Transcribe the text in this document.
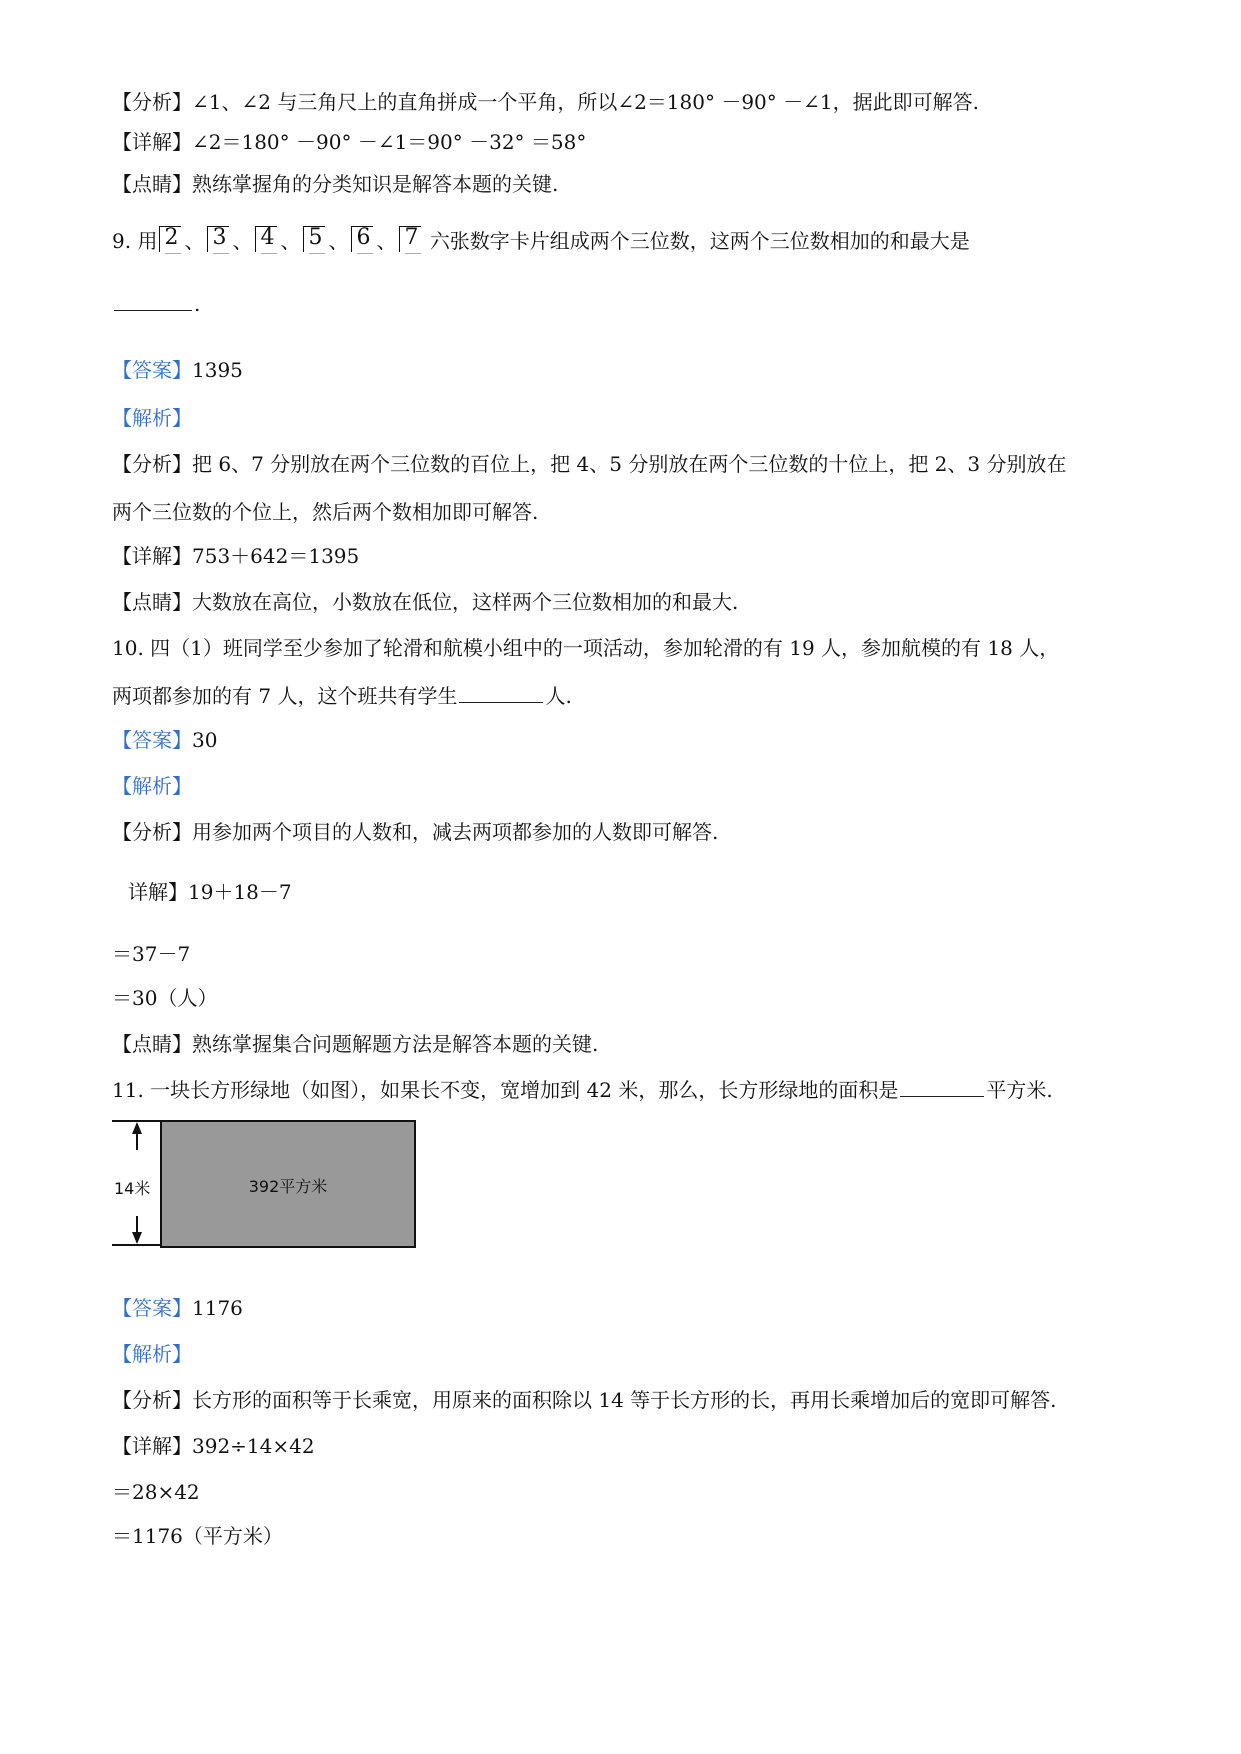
【分析】∠1、∠2 与三角尺上的直角拼成一个平角，所以∠2＝180° －90° －∠1，据此即可解答.
【详解】∠2＝180° －90° －∠1＝90° －32° ＝58°
【点睛】熟练掌握角的分类知识是解答本题的关键.
9. 用 2 、 3 、 4 、 5 、 6 、 7 六张数字卡片组成两个三位数，这两个三位数相加的和最大是
.
【答案】1395
【解析】
【分析】把 6、7 分别放在两个三位数的百位上，把 4、5 分别放在两个三位数的十位上，把 2、3 分别放在
两个三位数的个位上，然后两个数相加即可解答.
【详解】753＋642＝1395
【点睛】大数放在高位，小数放在低位，这样两个三位数相加的和最大.
10. 四（1）班同学至少参加了轮滑和航模小组中的一项活动，参加轮滑的有 19 人，参加航模的有 18 人，
两项都参加的有 7 人，这个班共有学生	人.
【答案】30
【解析】
【分析】用参加两个项目的人数和，减去两项都参加的人数即可解答.
详解】19＋18－7
＝37－7
＝30（人）
【点睛】熟练掌握集合问题解题方法是解答本题的关键.
11. 一块长方形绿地（如图），如果长不变，宽增加到 42 米，那么，长方形绿地的面积是	平方米.
14米	392平方米
【答案】1176
【解析】
【分析】长方形的面积等于长乘宽，用原来的面积除以 14 等于长方形的长，再用长乘增加后的宽即可解答.
【详解】392÷14×42
＝28×42
＝1176（平方米）
